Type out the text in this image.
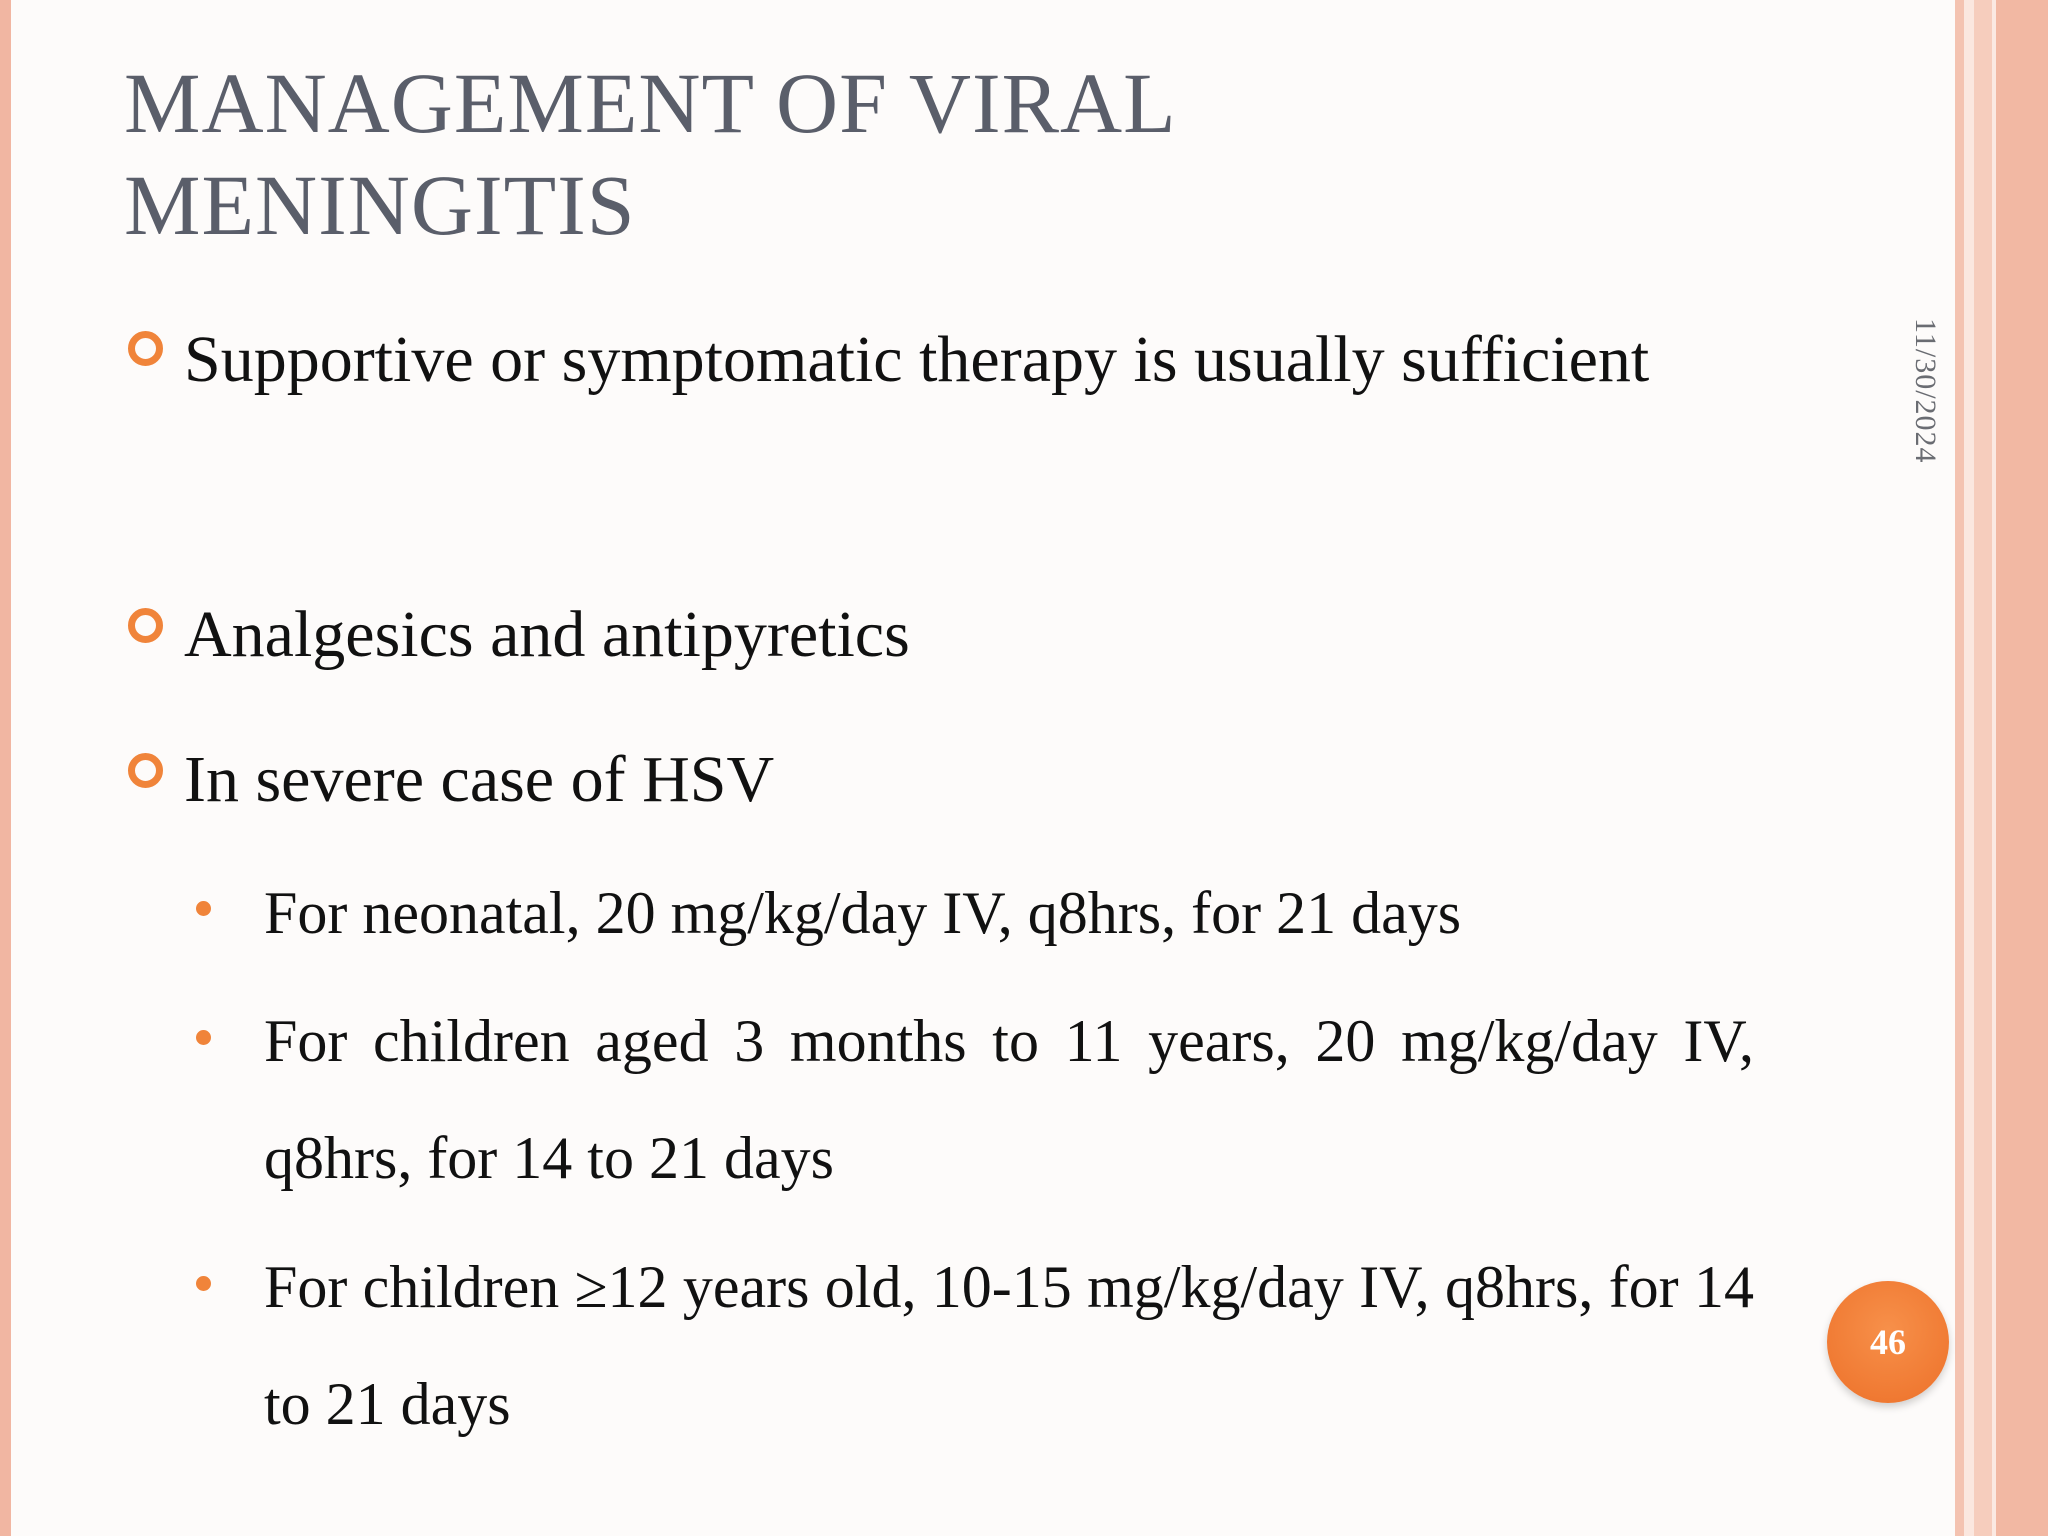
MANAGEMENT OF VIRAL
MENINGITIS
11/30/2024
Supportive or symptomatic therapy is usually sufficient
Analgesics and antipyretics
In severe case of HSV
For neonatal, 20 mg/kg/day IV, q8hrs, for 21 days
For children aged 3 months to 11 years, 20 mg/kg/day IV, q8hrs, for 14 to 21 days
For children ≥12 years old, 10-15 mg/kg/day IV, q8hrs, for 14 to 21 days
46
